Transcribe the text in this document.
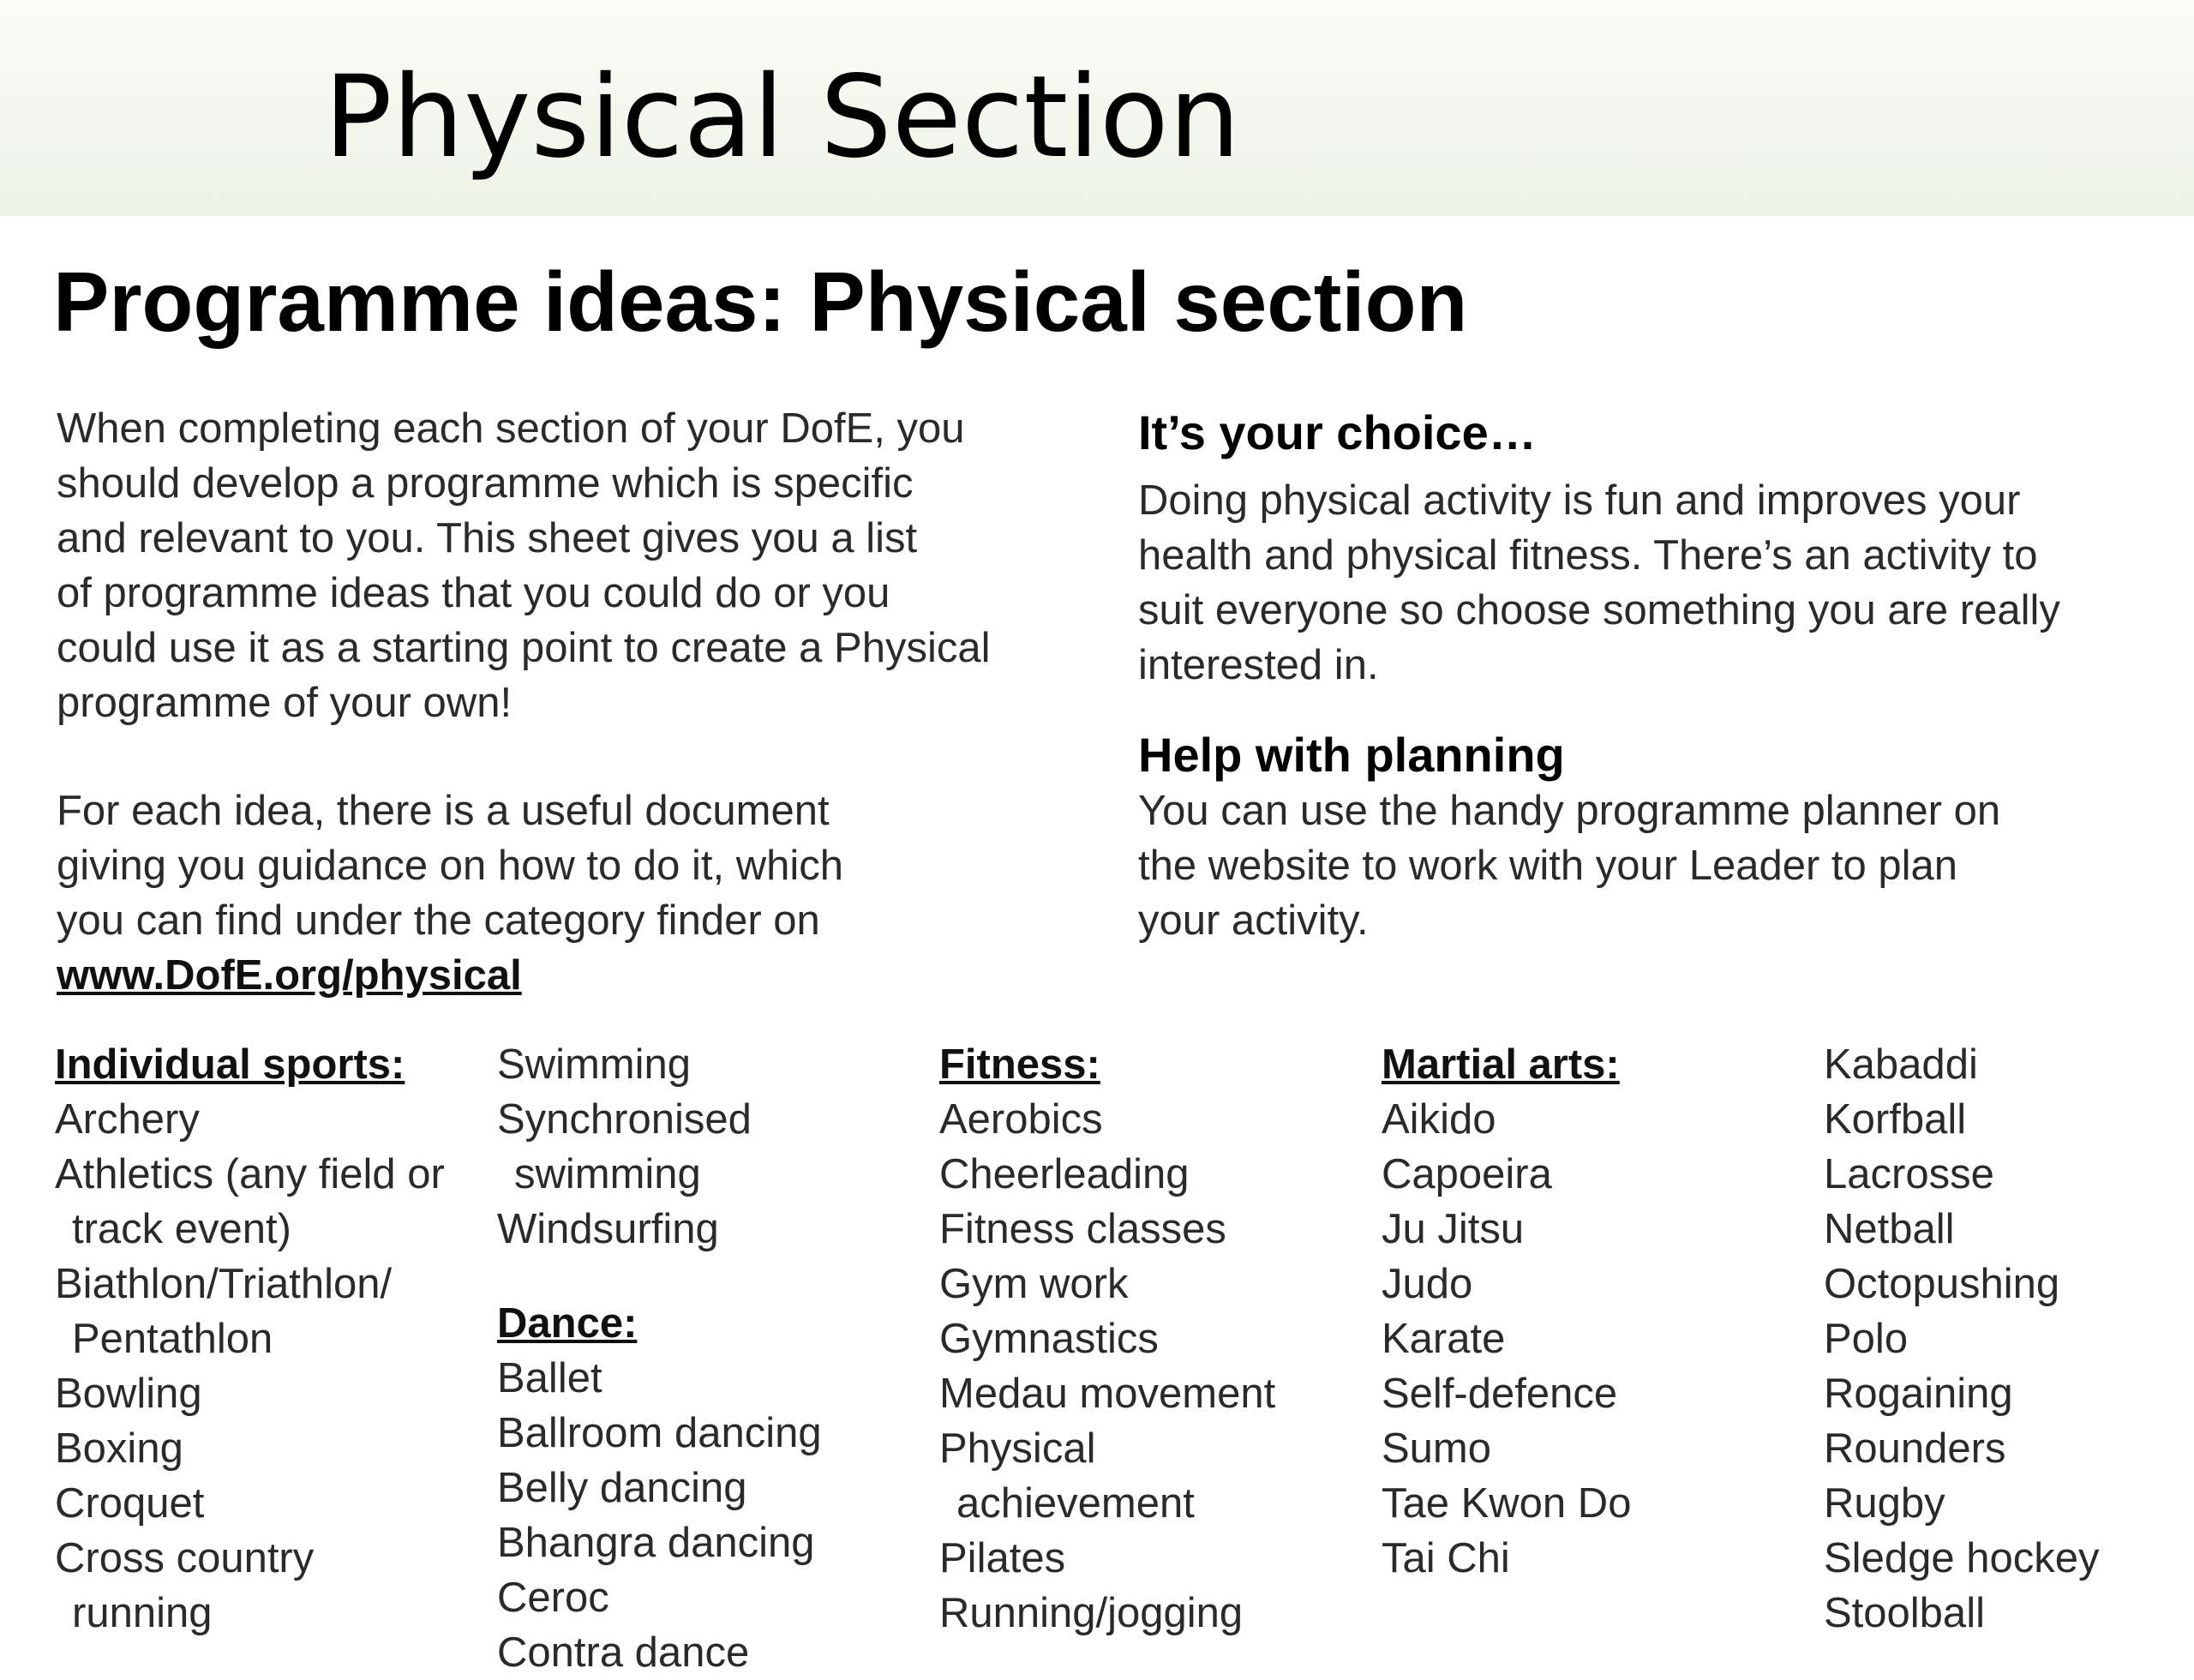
Physical Section
Programme ideas: Physical section
When completing each section of your DofE, you
should develop a programme which is specific
and relevant to you. This sheet gives you a list
of programme ideas that you could do or you
could use it as a starting point to create a Physical
programme of your own!
For each idea, there is a useful document
giving you guidance on how to do it, which
you can find under the category finder on
www.DofE.org/physical
It’s your choice…
Doing physical activity is fun and improves your
health and physical fitness. There’s an activity to
suit everyone so choose something you are really
interested in.
Help with planning
You can use the handy programme planner on
the website to work with your Leader to plan
your activity.
Individual sports:
Archery
Athletics (any field or
track event)
Biathlon/Triathlon/
Pentathlon
Bowling
Boxing
Croquet
Cross country
running
Swimming
Synchronised
swimming
Windsurfing
Dance:
Ballet
Ballroom dancing
Belly dancing
Bhangra dancing
Ceroc
Contra dance
Fitness:
Aerobics
Cheerleading
Fitness classes
Gym work
Gymnastics
Medau movement
Physical
achievement
Pilates
Running/jogging
Martial arts:
Aikido
Capoeira
Ju Jitsu
Judo
Karate
Self-defence
Sumo
Tae Kwon Do
Tai Chi
Kabaddi
Korfball
Lacrosse
Netball
Octopushing
Polo
Rogaining
Rounders
Rugby
Sledge hockey
Stoolball
